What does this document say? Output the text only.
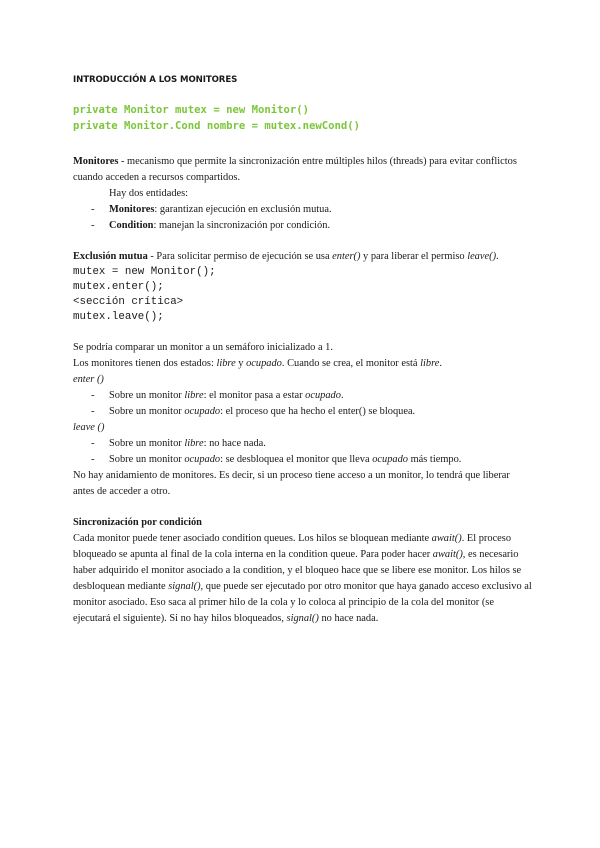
INTRODUCCIÓN A LOS MONITORES
private Monitor mutex = new Monitor()
private Monitor.Cond nombre = mutex.newCond()

Monitores - mecanismo que permite la sincronización entre múltiples hilos (threads) para evitar conflictos cuando acceden a recursos compartidos.

Hay dos entidades:
- Monitores: garantizan ejecución en exclusión mutua.
- Condition: manejan la sincronización por condición.

Exclusión mutua - Para solicitar permiso de ejecución se usa enter() y para liberar el permiso leave().

mutex = new Monitor();
mutex.enter();
<sección crítica>
mutex.leave();

Se podría comparar un monitor a un semáforo inicializado a 1.

Los monitores tienen dos estados: libre y ocupado. Cuando se crea, el monitor está libre.

enter ()
- Sobre un monitor libre: el monitor pasa a estar ocupado.
- Sobre un monitor ocupado: el proceso que ha hecho el enter() se bloquea.
leave ()
- Sobre un monitor libre: no hace nada.
- Sobre un monitor ocupado: se desbloquea el monitor que lleva ocupado más tiempo.

No hay anidamiento de monitores. Es decir, si un proceso tiene acceso a un monitor, lo tendrá que liberar antes de acceder a otro.

Sincronización por condición

Cada monitor puede tener asociado condition queues. Los hilos se bloquean mediante await(). El proceso bloqueado se apunta al final de la cola interna en la condition queue. Para poder hacer await(), es necesario haber adquirido el monitor asociado a la condition, y el bloqueo hace que se libere ese monitor. Los hilos se desbloquean mediante signal(), que puede ser ejecutado por otro monitor que haya ganado acceso exclusivo al monitor asociado. Eso saca al primer hilo de la cola y lo coloca al principio de la cola del monitor (se ejecutará el siguiente). Si no hay hilos bloqueados, signal() no hace nada.
